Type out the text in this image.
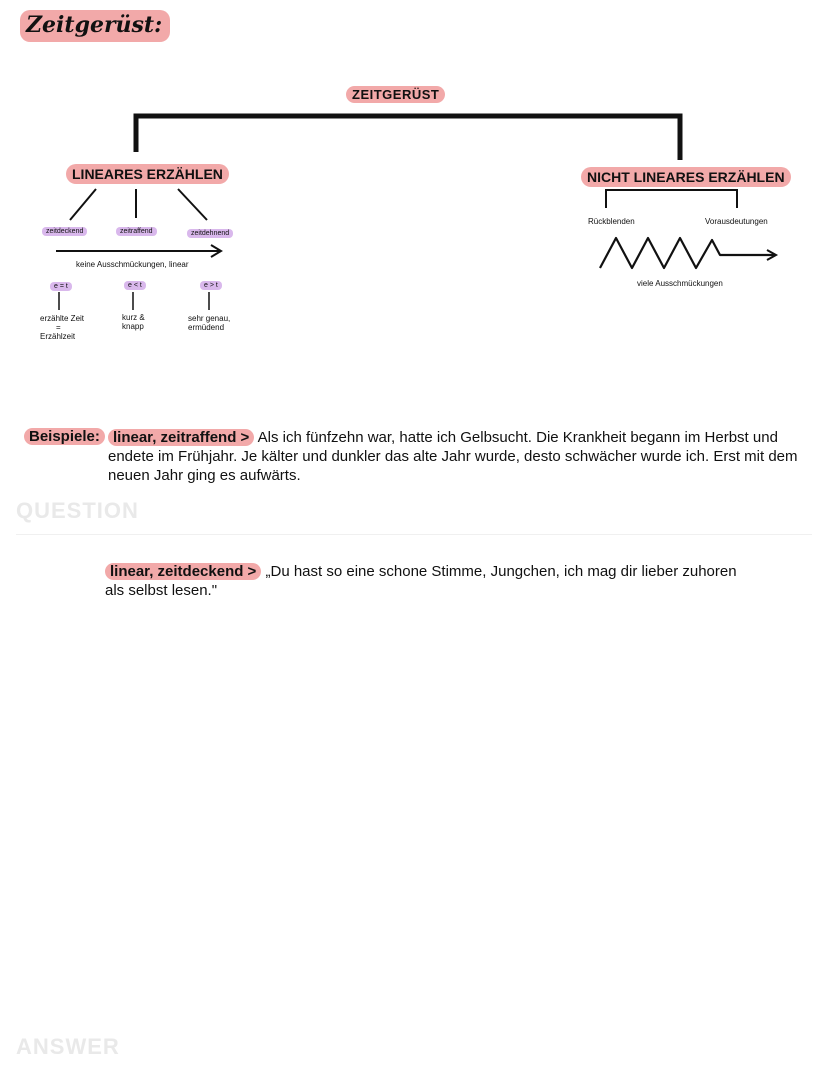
Zeitgerüst:
ZEITGERÜST
LINEARES ERZÄHLEN	NICHT LINEARES ERZÄHLEN
zeitdeckend	zeitraffend	zeitdehnend
keine Ausschmückungen, linear
e = t	e < t	e > t
erzählte Zeit
=
Erzählzeit
kurz &
knapp
sehr genau,
ermüdend
Rückblenden	Vorausdeutungen
viele Ausschmückungen
Beispiele: linear, zeitraffend > Als ich fünfzehn war, hatte ich Gelbsucht. Die Krankheit begann im Herbst und endete im Frühjahr. Je kälter und dunkler das alte Jahr wurde, desto schwächer wurde ich. Erst mit dem neuen Jahr ging es aufwärts.
QUESTION
linear, zeitdeckend > „Du hast so eine schone Stimme, Jungchen, ich mag dir lieber zuhoren als selbst lesen."
ANSWER
